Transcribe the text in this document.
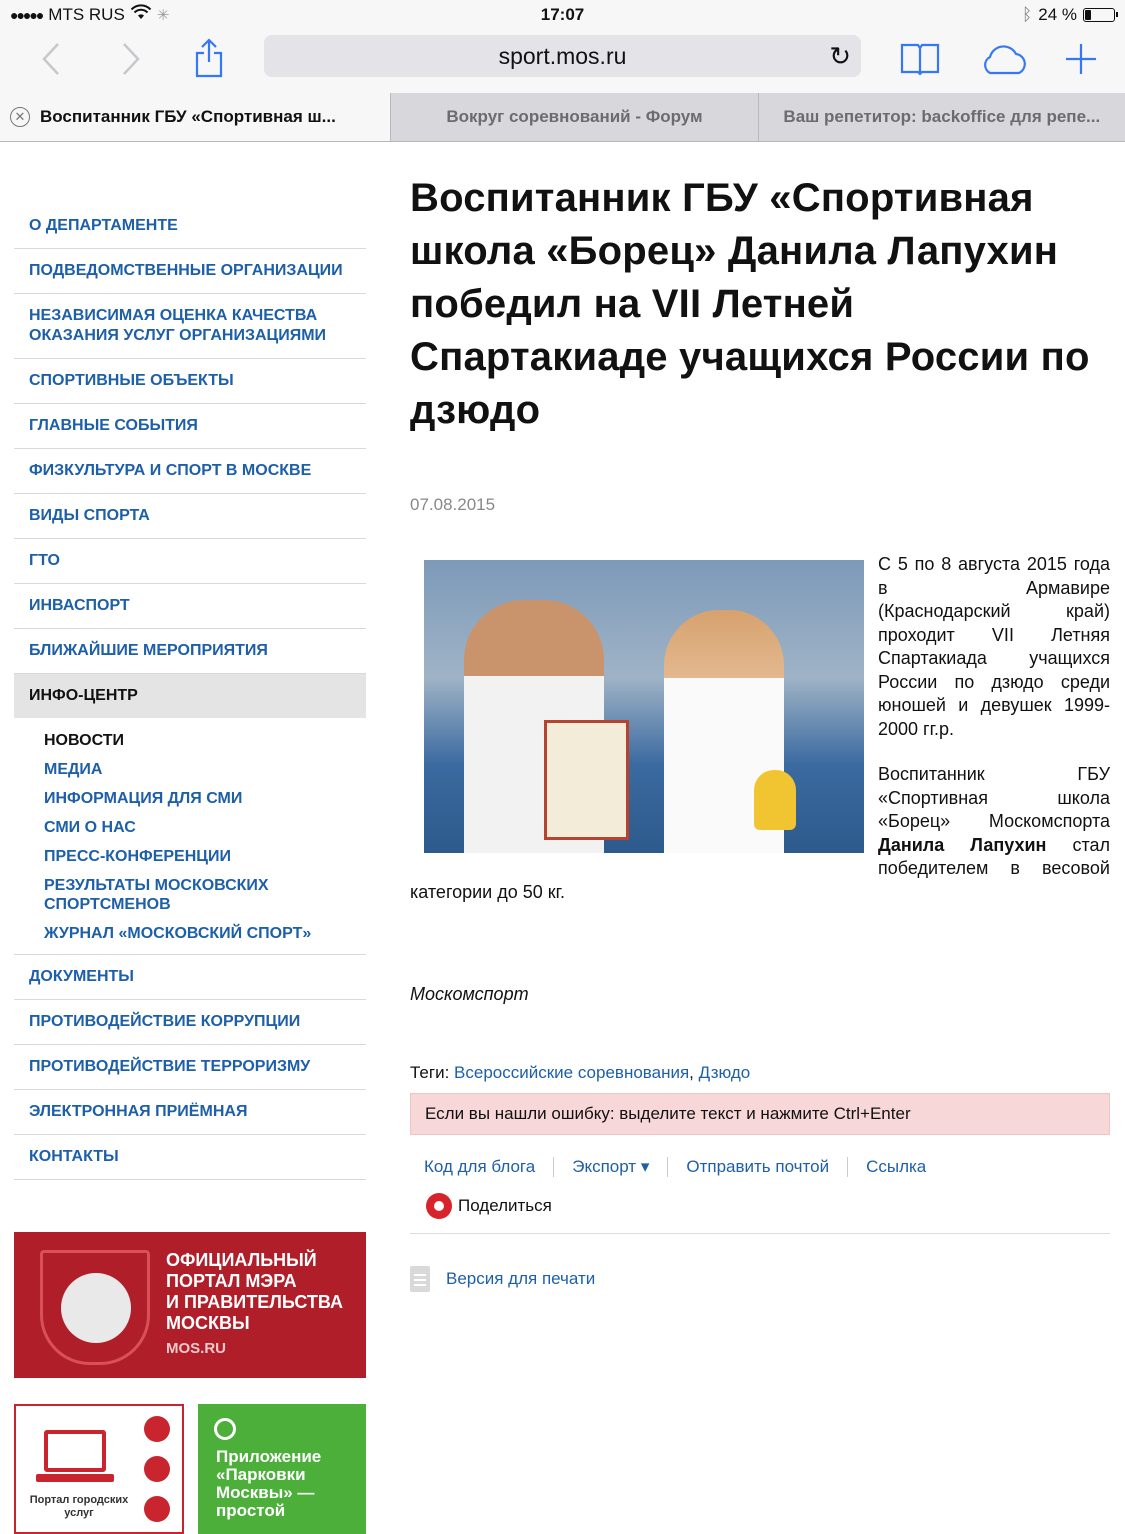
●●●●● MTS RUS ✳	17:07	ᛒ 24 %
sport.mos.ru	↻
✕ Воспитанник ГБУ «Спортивная ш...	Вокруг соревнований - Форум	Ваш репетитор: backoffice для репе...
О ДЕПАРТАМЕНТЕ
ПОДВЕДОМСТВЕННЫЕ ОРГАНИЗАЦИИ
НЕЗАВИСИМАЯ ОЦЕНКА КАЧЕСТВА ОКАЗАНИЯ УСЛУГ ОРГАНИЗАЦИЯМИ
СПОРТИВНЫЕ ОБЪЕКТЫ
ГЛАВНЫЕ СОБЫТИЯ
ФИЗКУЛЬТУРА И СПОРТ В МОСКВЕ
ВИДЫ СПОРТА
ГТО
ИНВАСПОРТ
БЛИЖАЙШИЕ МЕРОПРИЯТИЯ
ИНФО-ЦЕНТР
НОВОСТИ
МЕДИА
ИНФОРМАЦИЯ ДЛЯ СМИ
СМИ О НАС
ПРЕСС-КОНФЕРЕНЦИИ
РЕЗУЛЬТАТЫ МОСКОВСКИХ СПОРТСМЕНОВ
ЖУРНАЛ «МОСКОВСКИЙ СПОРТ»
ДОКУМЕНТЫ
ПРОТИВОДЕЙСТВИЕ КОРРУПЦИИ
ПРОТИВОДЕЙСТВИЕ ТЕРРОРИЗМУ
ЭЛЕКТРОННАЯ ПРИЁМНАЯ
КОНТАКТЫ
ОФИЦИАЛЬНЫЙ
ПОРТАЛ МЭРА
И ПРАВИТЕЛЬСТВА
МОСКВЫ
MOS.RU
Портал городских услуг
Приложение «Парковки Москвы» — простой
Воспитанник ГБУ «Спортивная школа «Борец» Данила Лапухин победил на VII Летней Спартакиаде учащихся России по дзюдо
07.08.2015

С 5 по 8 августа 2015 года в Армавире (Краснодарский край) проходит VII Летняя Спартакиада учащихся России по дзюдо среди юношей и девушек 1999-2000 гг.р.

Воспитанник ГБУ «Спортивная школа «Борец» Москомспорта Данила Лапухин стал победителем в весовой категории до 50 кг.

Москомспорт
Теги: Всероссийские соревнования, Дзюдо
Если вы нашли ошибку: выделите текст и нажмите Ctrl+Enter
Код для блога	Экспорт ▾	Отправить почтой	Ссылка
Поделиться
Версия для печати
